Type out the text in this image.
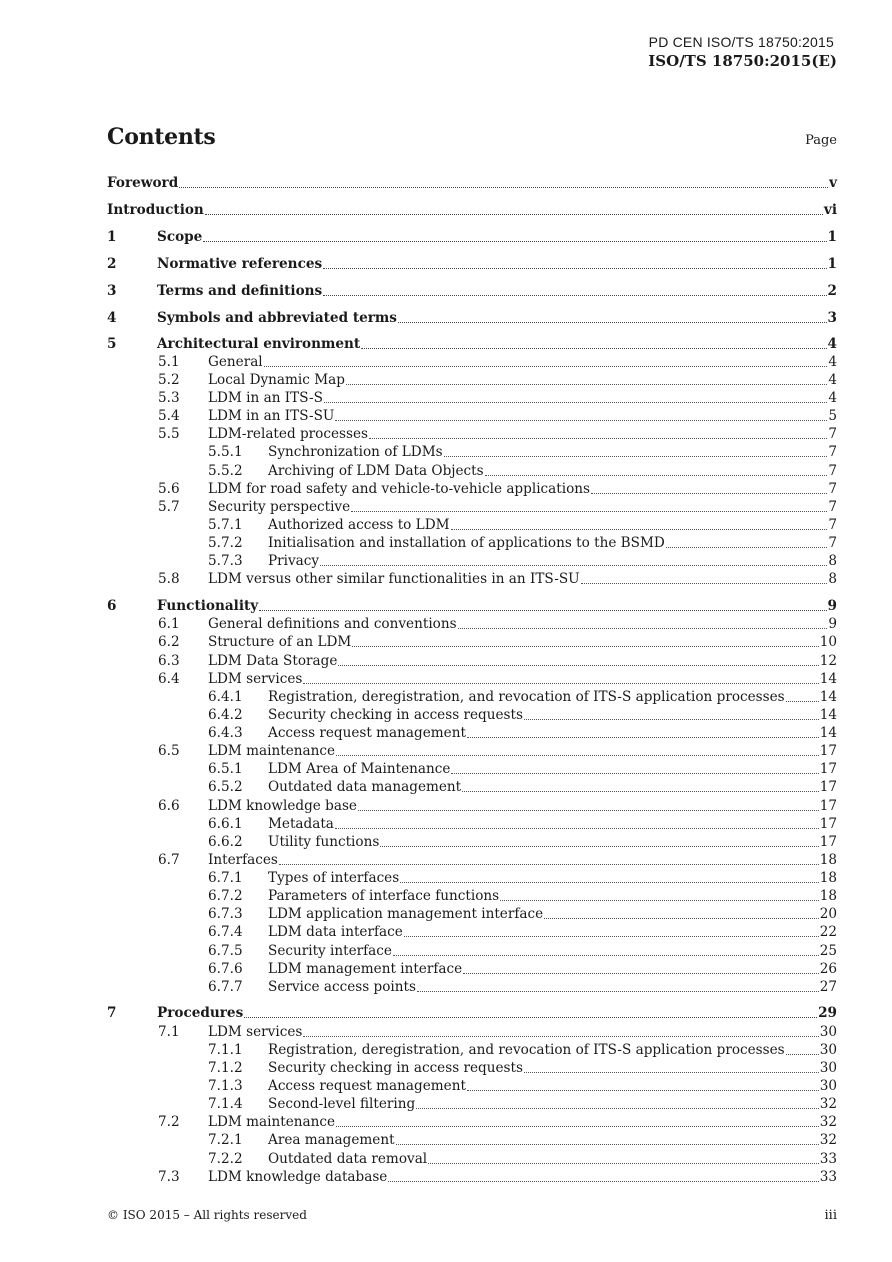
PD CEN ISO/TS 18750:2015
ISO/TS 18750:2015(E)
Contents	Page
Foreword	v
Introduction	vi
1	Scope	1
2	Normative references	1
3	Terms and definitions	2
4	Symbols and abbreviated terms	3
5	Architectural environment	4
5.1	General	4
5.2	Local Dynamic Map	4
5.3	LDM in an ITS-S	4
5.4	LDM in an ITS-SU	5
5.5	LDM-related processes	7
5.5.1	Synchronization of LDMs	7
5.5.2	Archiving of LDM Data Objects	7
5.6	LDM for road safety and vehicle-to-vehicle applications	7
5.7	Security perspective	7
5.7.1	Authorized access to LDM	7
5.7.2	Initialisation and installation of applications to the BSMD	7
5.7.3	Privacy	8
5.8	LDM versus other similar functionalities in an ITS-SU	8
6	Functionality	9
6.1	General definitions and conventions	9
6.2	Structure of an LDM	10
6.3	LDM Data Storage	12
6.4	LDM services	14
6.4.1	Registration, deregistration, and revocation of ITS-S application processes	14
6.4.2	Security checking in access requests	14
6.4.3	Access request management	14
6.5	LDM maintenance	17
6.5.1	LDM Area of Maintenance	17
6.5.2	Outdated data management	17
6.6	LDM knowledge base	17
6.6.1	Metadata	17
6.6.2	Utility functions	17
6.7	Interfaces	18
6.7.1	Types of interfaces	18
6.7.2	Parameters of interface functions	18
6.7.3	LDM application management interface	20
6.7.4	LDM data interface	22
6.7.5	Security interface	25
6.7.6	LDM management interface	26
6.7.7	Service access points	27
7	Procedures	29
7.1	LDM services	30
7.1.1	Registration, deregistration, and revocation of ITS-S application processes	30
7.1.2	Security checking in access requests	30
7.1.3	Access request management	30
7.1.4	Second-level filtering	32
7.2	LDM maintenance	32
7.2.1	Area management	32
7.2.2	Outdated data removal	33
7.3	LDM knowledge database	33
© ISO 2015 – All rights reserved	iii
